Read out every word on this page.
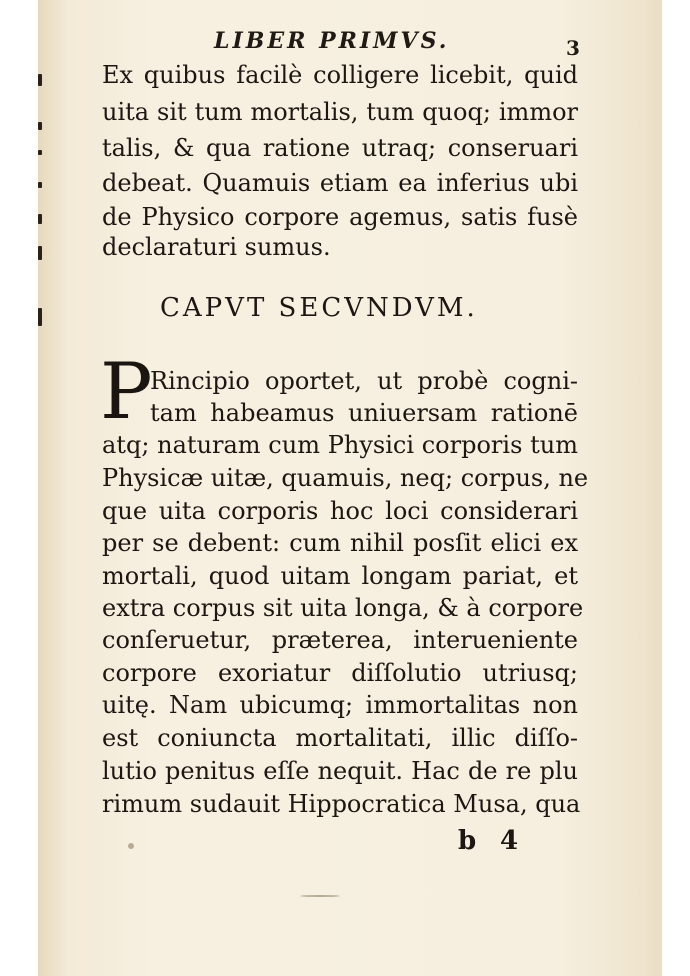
LIBER PRIMVS.	3
Ex quibus facilè colligere licebit, quid
uita sit tum mortalis, tum quoq; immor
talis, & qua ratione utraq; conseruari
debeat. Quamuis etiam ea inferius ubi
de Physico corpore agemus, satis fusè
declaraturi sumus.
CAPVT SECVNDVM.
P
Rincipio oportet, ut probè cogni-
tam habeamus uniuersam rationē
atq; naturam cum Physici corporis tum
Physicæ uitæ, quamuis, neq; corpus, ne
que uita corporis hoc loci considerari
per se debent: cum nihil posſit elici ex
mortali, quod uitam longam pariat, et
extra corpus sit uita longa, & à corpore
conſeruetur, præterea, interueniente
corpore exoriatur diſſolutio utriusq;
uitę. Nam ubicumq; immortalitas non
est coniuncta mortalitati, illic diſſo-
lutio penitus eſſe nequit. Hac de re plu
rimum sudauit Hippocratica Musa, qua
b 4
